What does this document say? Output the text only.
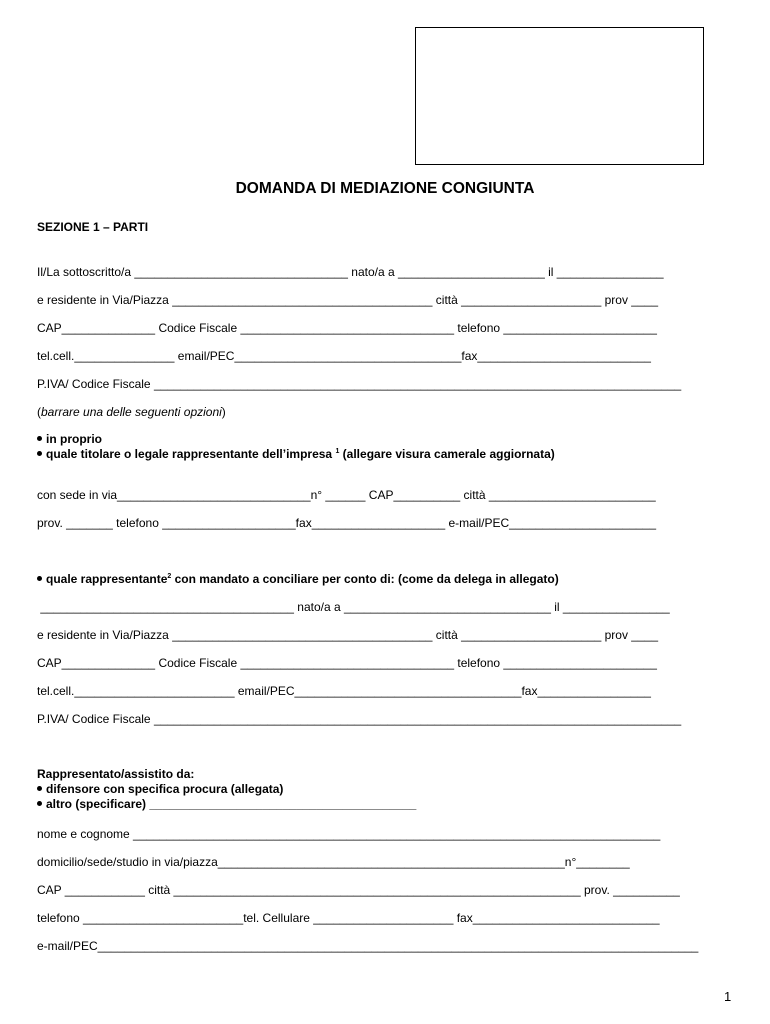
DOMANDA DI MEDIAZIONE CONGIUNTA
SEZIONE 1 – PARTI
Il/La sottoscritto/a ________________________________ nato/a a ______________________ il ________________
e residente in Via/Piazza _______________________________________ città _____________________ prov ____
CAP______________ Codice Fiscale ________________________________ telefono _______________________
tel.cell._______________ email/PEC__________________________________fax__________________________
P.IVA/ Codice Fiscale _______________________________________________________________________________
(barrare una delle seguenti opzioni)
in proprio
quale titolare o legale rappresentante dell’impresa $^1$ (allegare visura camerale aggiornata)
con sede in via_____________________________n° ______ CAP__________ città _________________________
prov. _______ telefono ____________________fax____________________ e-mail/PEC______________________
quale rappresentante$^2$ con mandato a conciliare per conto di: (come da delega in allegato)
______________________________________ nato/a a _______________________________ il ________________
e residente in Via/Piazza _______________________________________ città _____________________ prov ____
CAP______________ Codice Fiscale ________________________________ telefono _______________________
tel.cell.________________________ email/PEC__________________________________fax_________________
P.IVA/ Codice Fiscale _______________________________________________________________________________
Rappresentato/assistito da:
difensore con specifica procura (allegata)
altro (specificare) ________________________________________
nome e cognome _______________________________________________________________________________
domicilio/sede/studio in via/piazza____________________________________________________n°________
CAP ____________ città _____________________________________________________________ prov. __________
telefono ________________________tel. Cellulare _____________________ fax____________________________
e-mail/PEC__________________________________________________________________________________________
1
